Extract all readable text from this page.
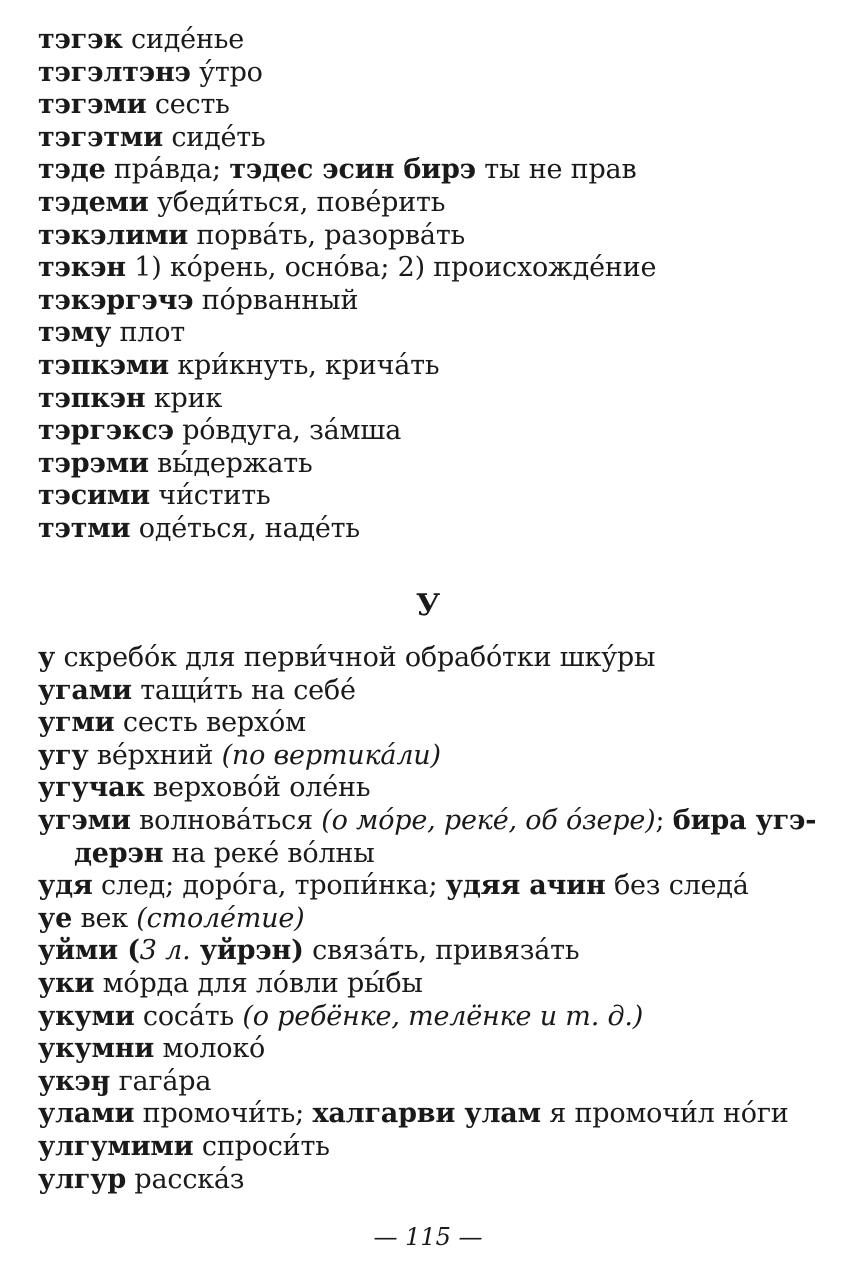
тэгэк сиде́нье
тэгэлтэнэ у́тро
тэгэми сесть
тэгэтми сиде́ть
тэде пра́вда; тэдес эсин бирэ ты не прав
тэдеми убеди́ться, пове́рить
тэкэлими порва́ть, разорва́ть
тэкэн 1) ко́рень, осно́ва; 2) происхожде́ние
тэкэргэчэ по́рванный
тэму плот
тэпкэми кри́кнуть, крича́ть
тэпкэн крик
тэргэксэ ро́вдуга, за́мша
тэрэми вы́держать
тэсими чи́стить
тэтми оде́ться, наде́ть
У
у скребо́к для перви́чной обрабо́тки шку́ры
угами тащи́ть на себе́
угми сесть верхо́м
угу ве́рхний (по вертика́ли)
угучак верхово́й оле́нь
угэми волнова́ться (о мо́ре, реке́, об о́зере); бира угэ-
дерэн на реке́ во́лны
удя след; доро́га, тропи́нка; удяя ачин без следа́
уе век (столе́тие)
уйми (3 л. уйрэн) связа́ть, привяза́ть
уки мо́рда для ло́вли ры́бы
укуми соса́ть (о ребёнке, телёнке и т. д.)
укумни молоко́
укэӈ гага́ра
улами промочи́ть; халгарви улам я промочи́л но́ги
улгумими спроси́ть
улгур расска́з
— 115 —
